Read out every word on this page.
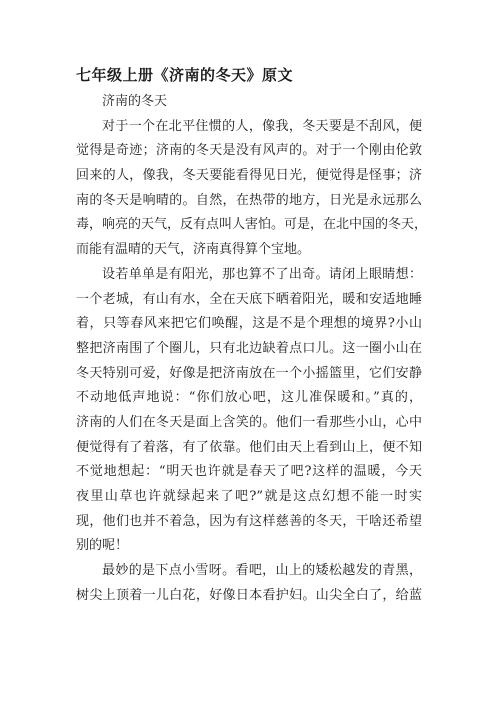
七年级上册《济南的冬天》原文
济南的冬天
对于一个在北平住惯的人，像我，冬天要是不刮风，便
觉得是奇迹；济南的冬天是没有风声的。对于一个刚由伦敦
回来的人，像我，冬天要能看得见日光，便觉得是怪事；济
南的冬天是响晴的。自然，在热带的地方，日光是永远那么
毒，响亮的天气，反有点叫人害怕。可是，在北中国的冬天，
而能有温晴的天气，济南真得算个宝地。
设若单单是有阳光，那也算不了出奇。请闭上眼睛想：
一个老城，有山有水，全在天底下晒着阳光，暖和安适地睡
着，只等春风来把它们唤醒，这是不是个理想的境界?小山
整把济南围了个圈儿，只有北边缺着点口儿。这一圈小山在
冬天特别可爱，好像是把济南放在一个小摇篮里，它们安静
不动地低声地说：“你们放心吧，这儿准保暖和。”真的，
济南的人们在冬天是面上含笑的。他们一看那些小山，心中
便觉得有了着落，有了依靠。他们由天上看到山上，便不知
不觉地想起：“明天也许就是春天了吧?这样的温暖，今天
夜里山草也许就绿起来了吧?”就是这点幻想不能一时实
现，他们也并不着急，因为有这样慈善的冬天，干啥还希望
别的呢！
最妙的是下点小雪呀。看吧，山上的矮松越发的青黑，
树尖上顶着一儿白花，好像日本看护妇。山尖全白了，给蓝
